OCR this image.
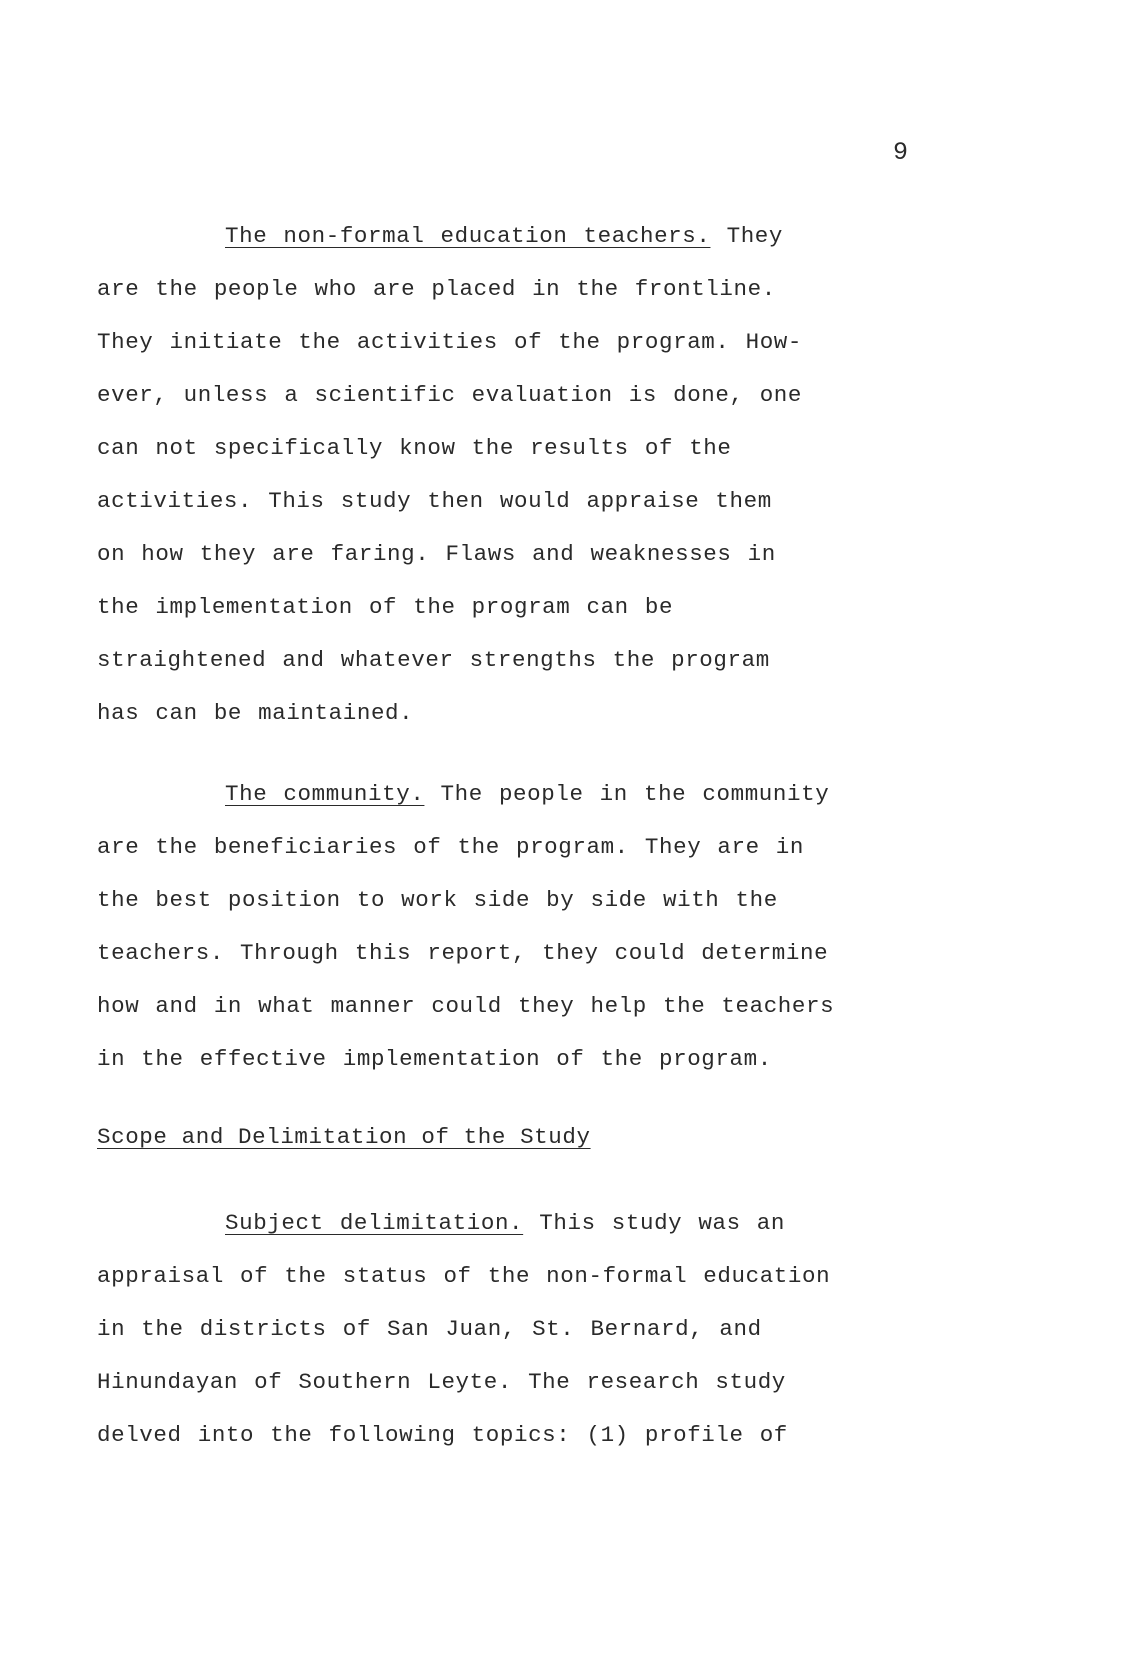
9
The non-formal education teachers. They
are the people who are placed in the frontline.
They initiate the activities of the program. How-
ever, unless a scientific evaluation is done, one
can not specifically know the results of the
activities. This study then would appraise them
on how they are faring. Flaws and weaknesses in
the implementation of the program can be
straightened and whatever strengths the program
has can be maintained.
The community. The people in the community
are the beneficiaries of the program. They are in
the best position to work side by side with the
teachers. Through this report, they could determine
how and in what manner could they help the teachers
in the effective implementation of the program.
Scope and Delimitation of the Study
Subject delimitation. This study was an
appraisal of the status of the non-formal education
in the districts of San Juan, St. Bernard, and
Hinundayan of Southern Leyte. The research study
delved into the following topics: (1) profile of
